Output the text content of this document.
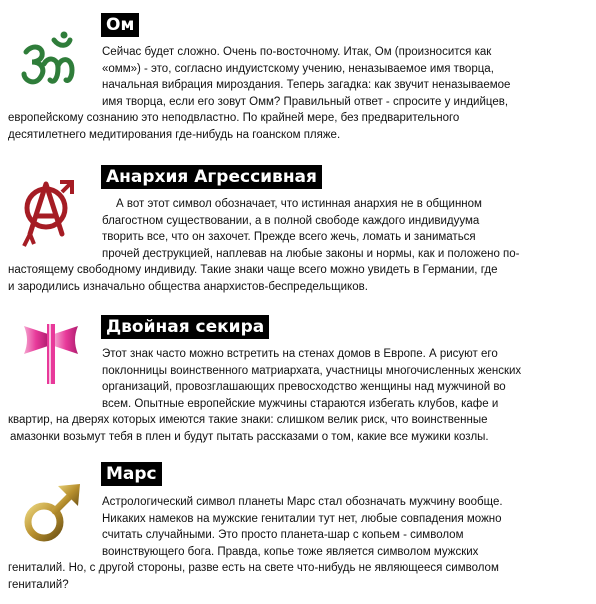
Ом
Сейчас будет сложно. Очень по-восточному. Итак, Ом (произносится как
«омм») - это, согласно индуистскому учению, неназываемое имя творца,
начальная вибрация мироздания. Теперь загадка: как звучит неназываемое
имя творца, если его зовут Омм? Правильный ответ - спросите у индийцев,
европейскому сознанию это неподвластно. По крайней мере, без предварительного
десятилетнего медитирования где-нибудь на гоанском пляже.
Анархия Агрессивная
А вот этот символ обозначает, что истинная анархия не в общинном
благостном существовании, а в полной свободе каждого индивидуума
творить все, что он захочет. Прежде всего жечь, ломать и заниматься
прочей деструкцией, наплевав на любые законы и нормы, как и положено по-
настоящему свободному индивиду. Такие знаки чаще всего можно увидеть в Германии, где
и зародились изначально общества анархистов-беспредельщиков.
Двойная секира
Этот знак часто можно встретить на стенах домов в Европе. А рисуют его
поклонницы воинственного матриархата, участницы многочисленных женских
организаций, провозглашающих превосходство женщины над мужчиной во
всем. Опытные европейские мужчины стараются избегать клубов, кафе и
квартир, на дверях которых имеются такие знаки: слишком велик риск, что воинственные
амазонки возьмут тебя в плен и будут пытать рассказами о том, какие все мужики козлы.
Марс
Астрологический символ планеты Марс стал обозначать мужчину вообще.
Никаких намеков на мужские гениталии тут нет, любые совпадения можно
считать случайными. Это просто планета-шар с копьем - символом
воинствующего бога. Правда, копье тоже является символом мужских
гениталий. Но, с другой стороны, разве есть на свете что-нибудь не являющееся символом
гениталий?
